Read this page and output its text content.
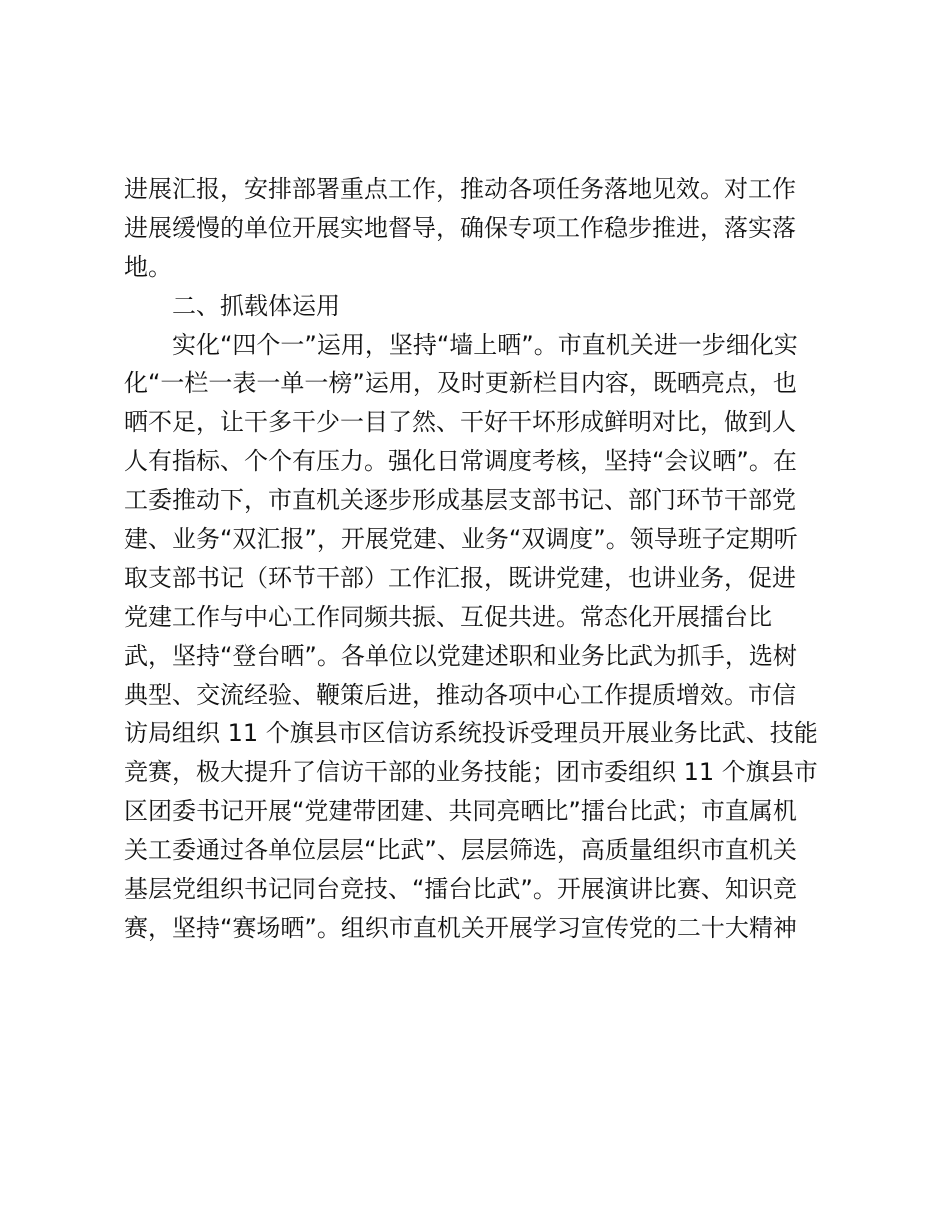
进展汇报，安排部署重点工作，推动各项任务落地见效。对工作
进展缓慢的单位开展实地督导，确保专项工作稳步推进，落实落
地。
二、抓载体运用
实化“四个一”运用，坚持“墙上晒”。市直机关进一步细化实
化“一栏一表一单一榜”运用，及时更新栏目内容，既晒亮点，也
晒不足，让干多干少一目了然、干好干坏形成鲜明对比，做到人
人有指标、个个有压力。强化日常调度考核，坚持“会议晒”。在
工委推动下，市直机关逐步形成基层支部书记、部门环节干部党
建、业务“双汇报”，开展党建、业务“双调度”。领导班子定期听
取支部书记（环节干部）工作汇报，既讲党建，也讲业务，促进
党建工作与中心工作同频共振、互促共进。常态化开展擂台比
武，坚持“登台晒”。各单位以党建述职和业务比武为抓手，选树
典型、交流经验、鞭策后进，推动各项中心工作提质增效。市信
访局组织 11 个旗县市区信访系统投诉受理员开展业务比武、技能
竞赛，极大提升了信访干部的业务技能；团市委组织 11 个旗县市
区团委书记开展“党建带团建、共同亮晒比”擂台比武；市直属机
关工委通过各单位层层“比武”、层层筛选，高质量组织市直机关
基层党组织书记同台竞技、“擂台比武”。开展演讲比赛、知识竞
赛，坚持“赛场晒”。组织市直机关开展学习宣传党的二十大精神
